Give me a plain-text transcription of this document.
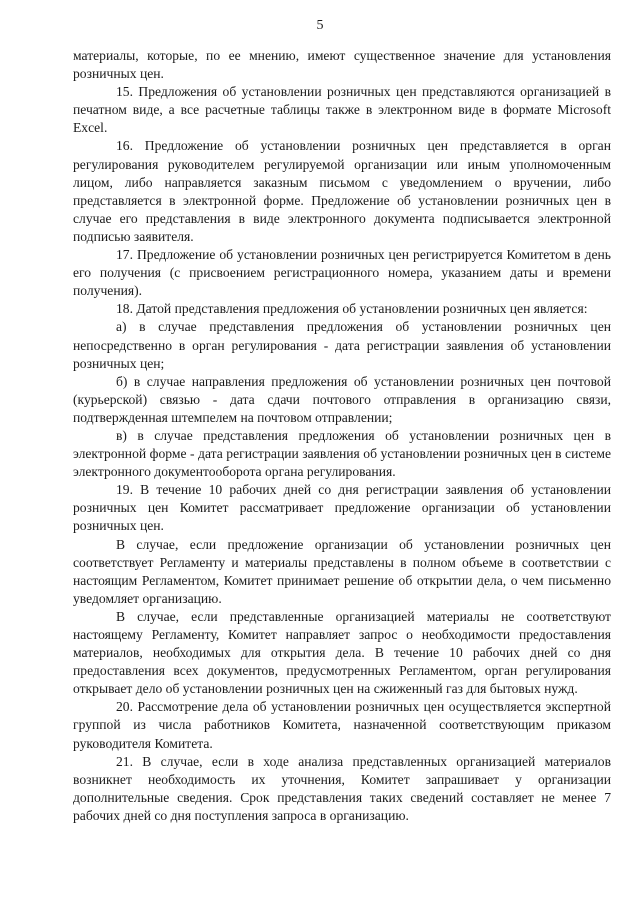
5

материалы, которые, по ее мнению, имеют существенное значение для установления розничных цен.

15. Предложения об установлении розничных цен представляются организацией в печатном виде, а все расчетные таблицы также в электронном виде в формате Microsoft Excel.

16. Предложение об установлении розничных цен представляется в орган регулирования руководителем регулируемой организации или иным уполномоченным лицом, либо направляется заказным письмом с уведомлением о вручении, либо представляется в электронной форме. Предложение об установлении розничных цен в случае его представления в виде электронного документа подписывается электронной подписью заявителя.

17. Предложение об установлении розничных цен регистрируется Комитетом в день его получения (с присвоением регистрационного номера, указанием даты и времени получения).

18. Датой представления предложения об установлении розничных цен является:

а) в случае представления предложения об установлении розничных цен непосредственно в орган регулирования - дата регистрации заявления об установлении розничных цен;

б) в случае направления предложения об установлении розничных цен почтовой (курьерской) связью - дата сдачи почтового отправления в организацию связи, подтвержденная штемпелем на почтовом отправлении;

в) в случае представления предложения об установлении розничных цен в электронной форме - дата регистрации заявления об установлении розничных цен в системе электронного документооборота органа регулирования.

19. В течение 10 рабочих дней со дня регистрации заявления об установлении розничных цен Комитет рассматривает предложение организации об установлении розничных цен.

В случае, если предложение организации об установлении розничных цен соответствует Регламенту и материалы представлены в полном объеме в соответствии с настоящим Регламентом, Комитет принимает решение об открытии дела, о чем письменно уведомляет организацию.

В случае, если представленные организацией материалы не соответствуют настоящему Регламенту, Комитет направляет запрос о необходимости предоставления материалов, необходимых для открытия дела. В течение 10 рабочих дней со дня предоставления всех документов, предусмотренных Регламентом, орган регулирования открывает дело об установлении розничных цен на сжиженный газ для бытовых нужд.

20. Рассмотрение дела об установлении розничных цен осуществляется экспертной группой из числа работников Комитета, назначенной соответствующим приказом руководителя Комитета.

21. В случае, если в ходе анализа представленных организацией материалов возникнет необходимость их уточнения, Комитет запрашивает у организации дополнительные сведения. Срок представления таких сведений составляет не менее 7 рабочих дней со дня поступления запроса в организацию.
